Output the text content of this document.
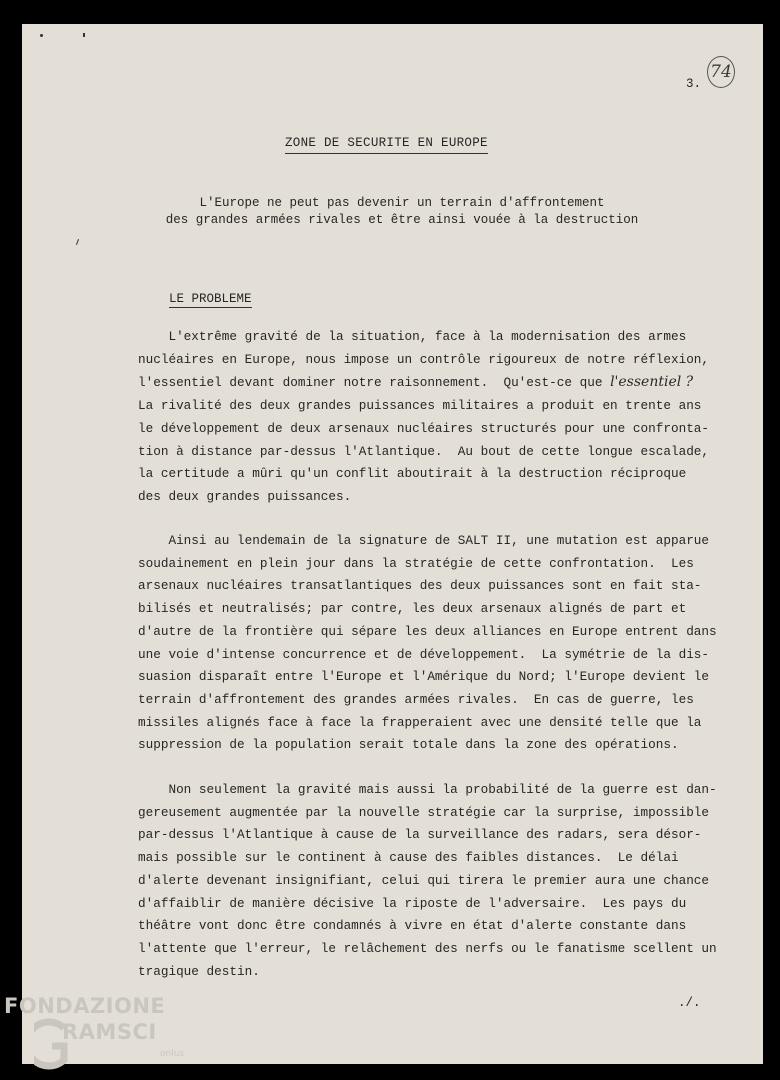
3.
74
ZONE DE SECURITE EN EUROPE
L'Europe ne peut pas devenir un terrain d'affrontement
des grandes armées rivales et être ainsi vouée à la destruction
LE PROBLEME
L'extrême gravité de la situation, face à la modernisation des armes
nucléaires en Europe, nous impose un contrôle rigoureux de notre réflexion,
l'essentiel devant dominer notre raisonnement.  Qu'est-ce que l'essentiel ?
La rivalité des deux grandes puissances militaires a produit en trente ans
le développement de deux arsenaux nucléaires structurés pour une confronta-
tion à distance par-dessus l'Atlantique.  Au bout de cette longue escalade,
la certitude a mûri qu'un conflit aboutirait à la destruction réciproque
des deux grandes puissances.
Ainsi au lendemain de la signature de SALT II, une mutation est apparue
soudainement en plein jour dans la stratégie de cette confrontation.  Les
arsenaux nucléaires transatlantiques des deux puissances sont en fait sta-
bilisés et neutralisés; par contre, les deux arsenaux alignés de part et
d'autre de la frontière qui sépare les deux alliances en Europe entrent dans
une voie d'intense concurrence et de développement.  La symétrie de la dis-
suasion disparaît entre l'Europe et l'Amérique du Nord; l'Europe devient le
terrain d'affrontement des grandes armées rivales.  En cas de guerre, les
missiles alignés face à face la frapperaient avec une densité telle que la
suppression de la population serait totale dans la zone des opérations.
Non seulement la gravité mais aussi la probabilité de la guerre est dan-
gereusement augmentée par la nouvelle stratégie car la surprise, impossible
par-dessus l'Atlantique à cause de la surveillance des radars, sera désor-
mais possible sur le continent à cause des faibles distances.  Le délai
d'alerte devenant insignifiant, celui qui tirera le premier aura une chance
d'affaiblir de manière décisive la riposte de l'adversaire.  Les pays du
théâtre vont donc être condamnés à vivre en état d'alerte constante dans
l'attente que l'erreur, le relâchement des nerfs ou le fanatisme scellent un
tragique destin.
./.
FONDAZIONE
RAMSCI
onlus
